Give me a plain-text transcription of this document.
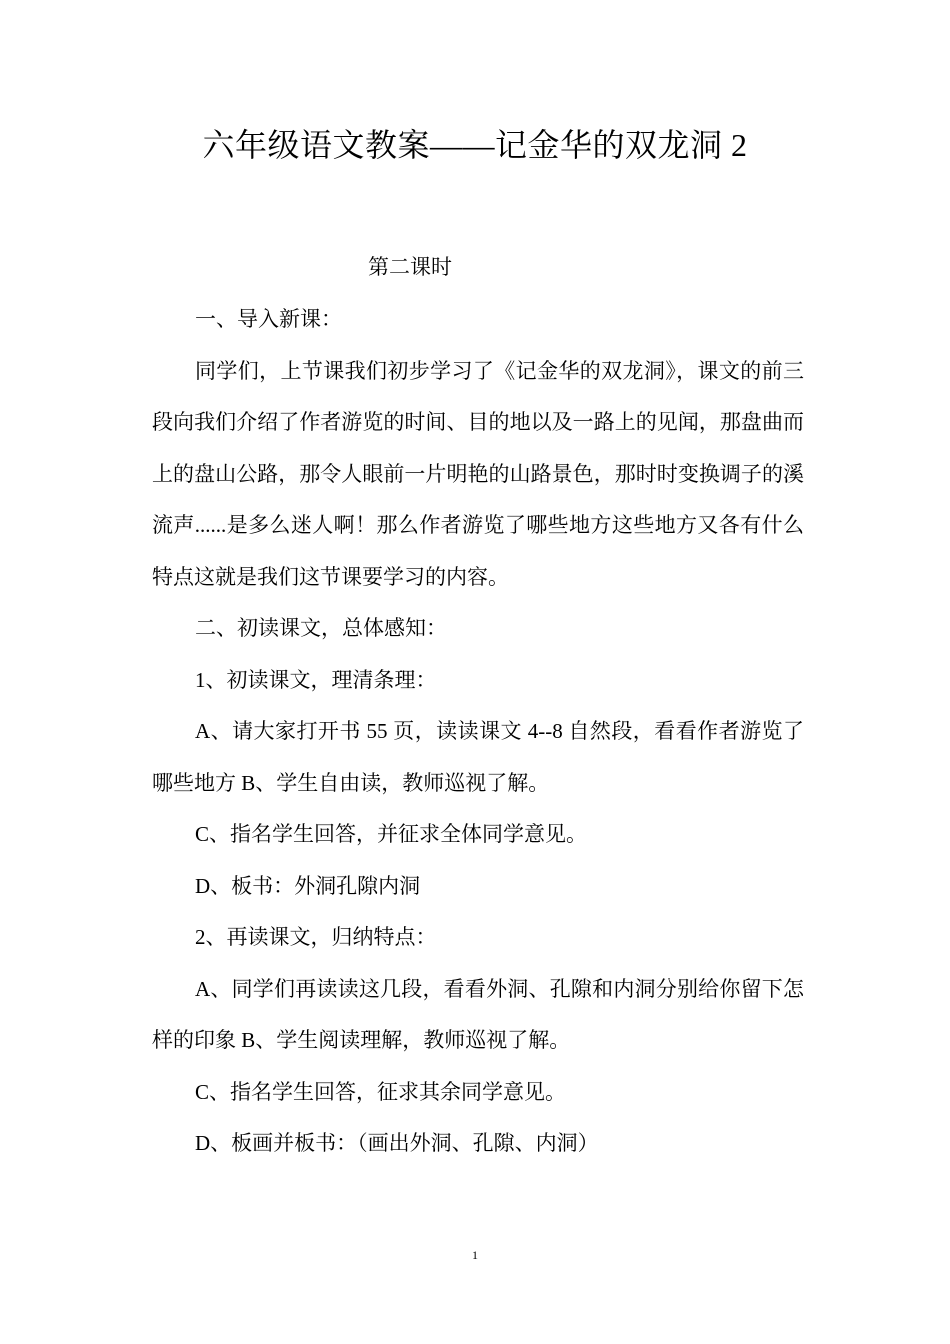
六年级语文教案——记金华的双龙洞 2
第二课时

一、导入新课：

同学们，上节课我们初步学习了《记金华的双龙洞》，课文的前三段向我们介绍了作者游览的时间、目的地以及一路上的见闻，那盘曲而上的盘山公路，那令人眼前一片明艳的山路景色，那时时变换调子的溪流声......是多么迷人啊！那么作者游览了哪些地方这些地方又各有什么特点这就是我们这节课要学习的内容。

二、初读课文，总体感知：

1、初读课文，理清条理：

A、请大家打开书 55 页，读读课文 4--8 自然段，看看作者游览了哪些地方 B、学生自由读，教师巡视了解。

C、指名学生回答，并征求全体同学意见。

D、板书：外洞孔隙内洞

2、再读课文，归纳特点：

A、同学们再读读这几段，看看外洞、孔隙和内洞分别给你留下怎样的印象 B、学生阅读理解，教师巡视了解。

C、指名学生回答，征求其余同学意见。

D、板画并板书：（画出外洞、孔隙、内洞）

1
